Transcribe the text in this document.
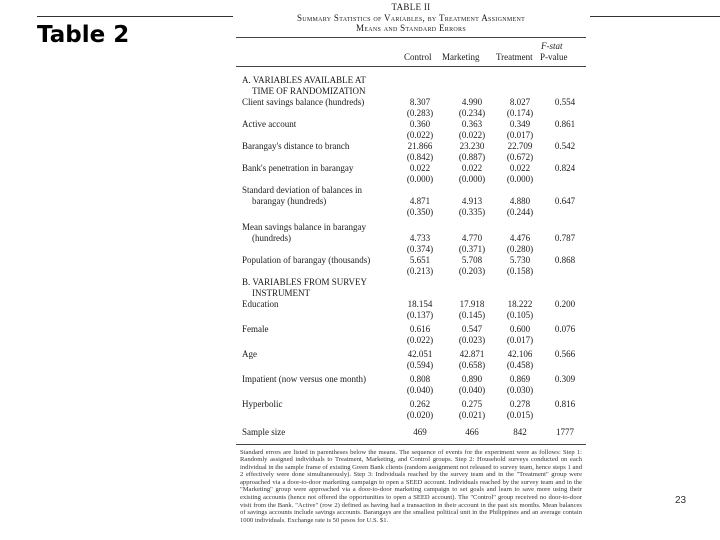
Table 2
TABLE II
Summary Statistics of Variables, by Treatment Assignment
Means and Standard Errors
F-stat
Control Marketing Treatment P-value
A. VARIABLES AVAILABLE AT
TIME OF RANDOMIZATION
Client savings balance (hundreds)	8.307	4.990	8.027	0.554
(0.283)	(0.234)	(0.174)
Active account	0.360	0.363	0.349	0.861
(0.022)	(0.022)	(0.017)
Barangay's distance to branch	21.866	23.230	22.709	0.542
(0.842)	(0.887)	(0.672)
Bank's penetration in barangay	0.022	0.022	0.022	0.824
(0.000)	(0.000)	(0.000)
Standard deviation of balances in
barangay (hundreds)	4.871	4.913	4.880	0.647
(0.350)	(0.335)	(0.244)
Mean savings balance in barangay
(hundreds)	4.733	4.770	4.476	0.787
(0.374)	(0.371)	(0.280)
Population of barangay (thousands)	5.651	5.708	5.730	0.868
(0.213)	(0.203)	(0.158)
B. VARIABLES FROM SURVEY
INSTRUMENT
Education	18.154	17.918	18.222	0.200
(0.137)	(0.145)	(0.105)
Female	0.616	0.547	0.600	0.076
(0.022)	(0.023)	(0.017)
Age	42.051	42.871	42.106	0.566
(0.594)	(0.658)	(0.458)
Impatient (now versus one month)	0.808	0.890	0.869	0.309
(0.040)	(0.040)	(0.030)
Hyperbolic	0.262	0.275	0.278	0.816
(0.020)	(0.021)	(0.015)
Sample size	469	466	842	1777
Standard errors are listed in parentheses below the means. The sequence of events for the experiment were as follows: Step 1: Randomly assigned individuals to Treatment, Marketing, and Control groups. Step 2: Household surveys conducted on each individual in the sample frame of existing Green Bank clients (random assignment not released to survey team, hence steps 1 and 2 effectively were done simultaneously). Step 3: Individuals reached by the survey team and in the "Treatment" group were approached via a door-to-door marketing campaign to open a SEED account. Individuals reached by the survey team and in the "Marketing" group were approached via a door-to-door marketing campaign to set goals and learn to save more using their existing accounts (hence not offered the opportunities to open a SEED account). The "Control" group received no door-to-door visit from the Bank. "Active" (row 2) defined as having had a transaction in their account in the past six months. Mean balances of savings accounts include savings accounts. Barangays are the smallest political unit in the Philippines and an average contain 1000 individuals. Exchange rate is 50 pesos for U.S. $1.
23
